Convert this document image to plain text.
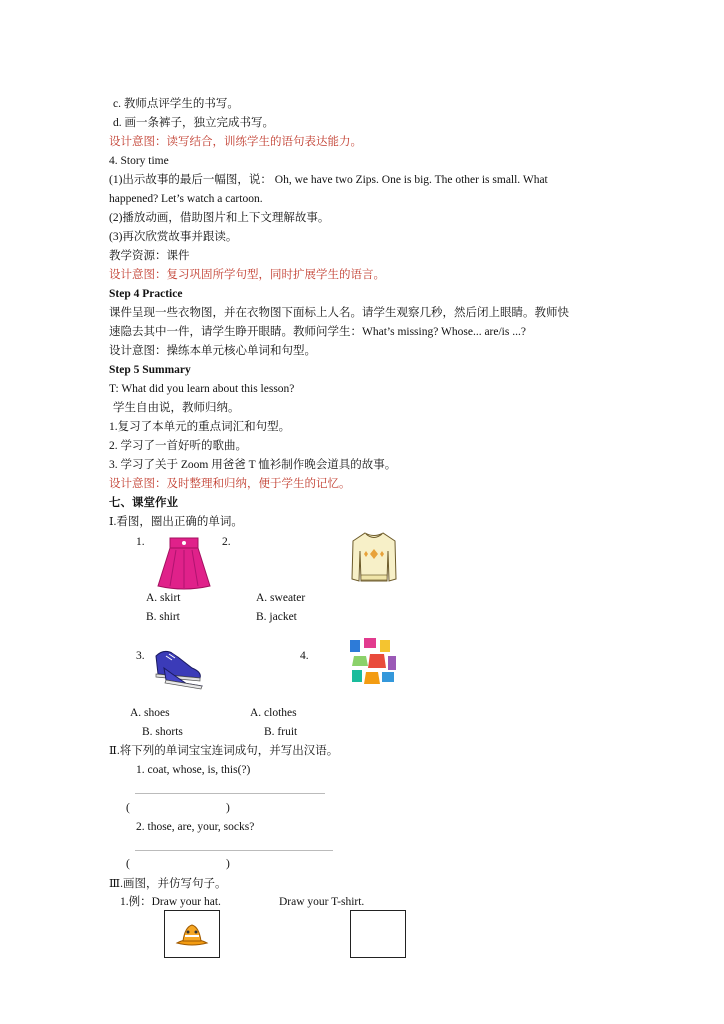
c. 教师点评学生的书写。
d. 画一条裤子，独立完成书写。
设计意图：读写结合，训练学生的语句表达能力。
4. Story time
(1)出示故事的最后一幅图，说： Oh, we have two Zips. One is big. The other is small. What
happened? Let’s watch a cartoon.
(2)播放动画，借助图片和上下文理解故事。
(3)再次欣赏故事并跟读。
教学资源：课件
设计意图：复习巩固所学句型，同时扩展学生的语言。
Step 4 Practice
课件呈现一些衣物图，并在衣物图下面标上人名。请学生观察几秒，然后闭上眼睛。教师快
速隐去其中一件，请学生睁开眼睛。教师问学生：What’s missing? Whose... are/is ...?
设计意图：操练本单元核心单词和句型。
Step 5 Summary
T: What did you learn about this lesson?
学生自由说，教师归纳。
1.复习了本单元的重点词汇和句型。
2. 学习了一首好听的歌曲。
3. 学习了关于 Zoom 用爸爸 T 恤衫制作晚会道具的故事。
设计意图：及时整理和归纳，便于学生的记忆。
七、课堂作业
Ⅰ.看图，圈出正确的单词。
1.	2.
A. skirt	A. sweater
B. shirt	B. jacket
3.	4.
A. shoes	A. clothes
B. shorts	B. fruit
Ⅱ.将下列的单词宝宝连词成句，并写出汉语。
1. coat, whose, is, this(?)
(	)
2. those, are, your, socks?
(	)
Ⅲ.画图，并仿写句子。
1.例：Draw your hat.	Draw your T-shirt.
